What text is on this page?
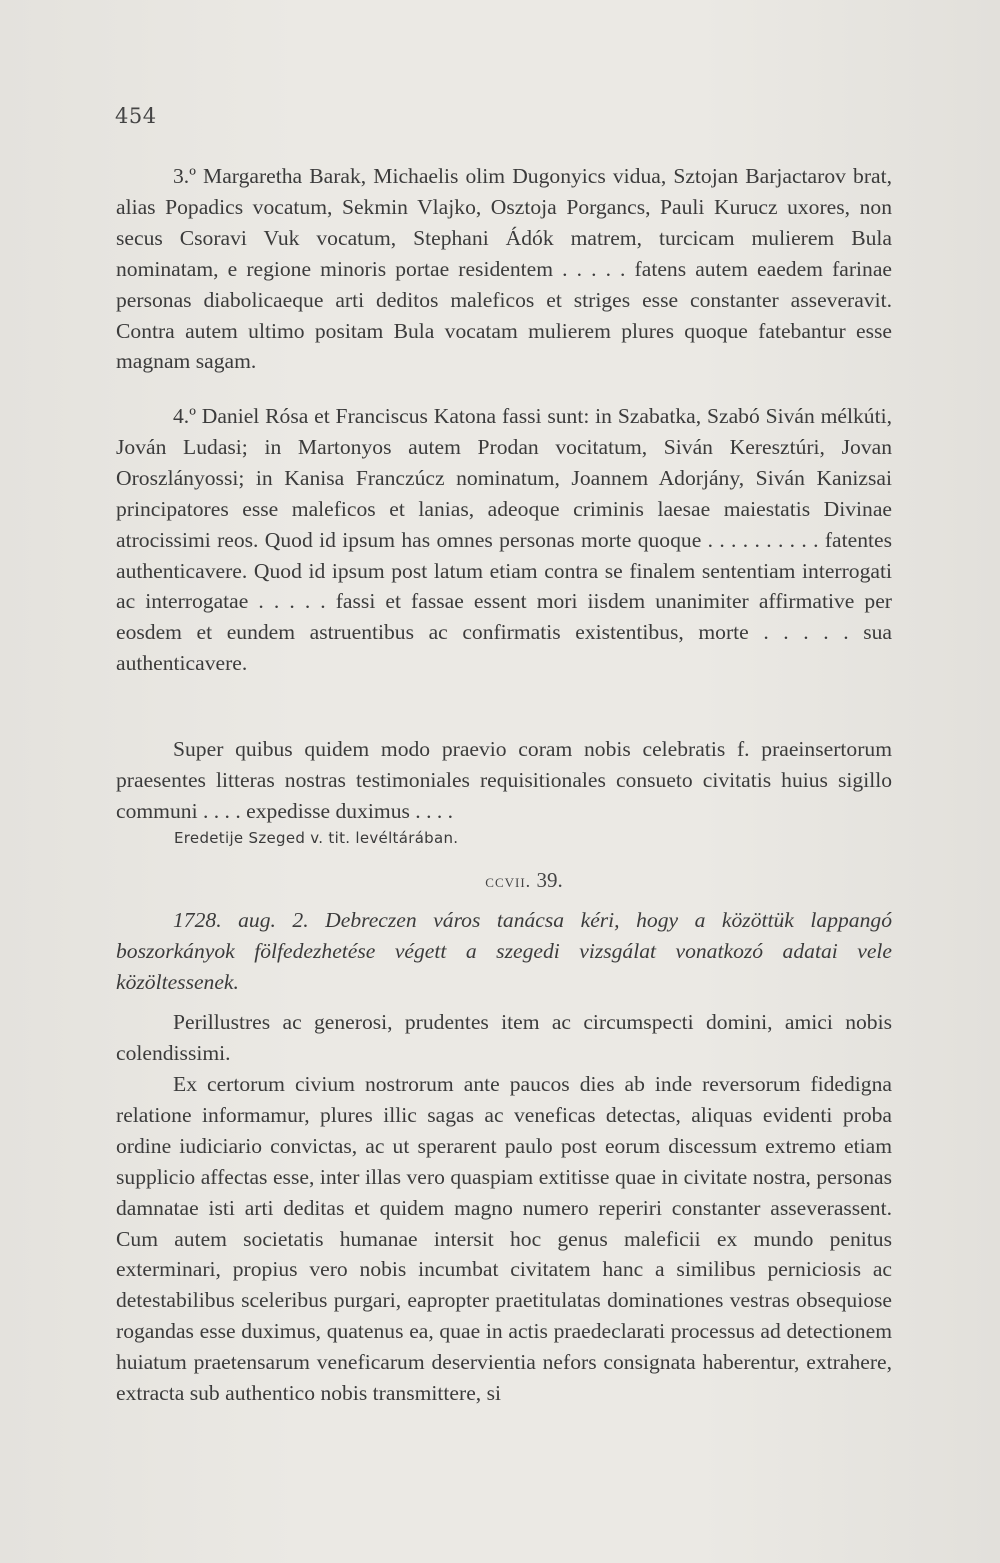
454

3.º Margaretha Barak, Michaelis olim Dugonyics vidua, Sztojan Barjactarov brat, alias Popadics vocatum, Sekmin Vlajko, Osztoja Porgancs, Pauli Kurucz uxores, non secus Csoravi Vuk vocatum, Stephani Ádók matrem, turcicam mulierem Bula nominatam, e regione minoris portae residentem . . . . . fatens autem eaedem farinae personas diabolicaeque arti deditos maleficos et striges esse constanter asseveravit. Contra autem ultimo positam Bula vocatam mulierem plures quoque fatebantur esse magnam sagam.

4.º Daniel Rósa et Franciscus Katona fassi sunt: in Szabatka, Szabó Siván mélkúti, Jován Ludasi; in Martonyos autem Prodan vocitatum, Siván Keresztúri, Jovan Oroszlányossi; in Kanisa Franczúcz nominatum, Joannem Adorjány, Siván Kanizsai principatores esse maleficos et lanias, adeoque criminis laesae maiestatis Divinae atrocissimi reos. Quod id ipsum has omnes personas morte quoque . . . . . . . . . . fatentes authenticavere. Quod id ipsum post latum etiam contra se finalem sententiam interrogati ac interrogatae . . . . . fassi et fassae essent mori iisdem unanimiter affirmative per eosdem et eundem astruentibus ac confirmatis existentibus, morte . . . . . sua authenticavere.

Super quibus quidem modo praevio coram nobis celebratis f. praeinsertorum praesentes litteras nostras testimoniales requisitionales consueto civitatis huius sigillo communi . . . . expedisse duximus . . . .

Eredetije Szeged v. tit. levéltárában.
ccvii. 39.

1728. aug. 2. Debreczen város tanácsa kéri, hogy a közöttük lappangó boszorkányok fölfedezhetése végett a szegedi vizsgálat vonatkozó adatai vele közöltessenek.

Perillustres ac generosi, prudentes item ac circumspecti domini, amici nobis colendissimi.

Ex certorum civium nostrorum ante paucos dies ab inde reversorum fidedigna relatione informamur, plures illic sagas ac veneficas detectas, aliquas evidenti proba ordine iudiciario convictas, ac ut sperarent paulo post eorum discessum extremo etiam supplicio affectas esse, inter illas vero quaspiam extitisse quae in civitate nostra, personas damnatae isti arti deditas et quidem magno numero reperiri constanter asseverassent. Cum autem societatis humanae intersit hoc genus maleficii ex mundo penitus exterminari, propius vero nobis incumbat civitatem hanc a similibus perniciosis ac detestabilibus sceleribus purgari, eapropter praetitulatas dominationes vestras obsequiose rogandas esse duximus, quatenus ea, quae in actis praedeclarati processus ad detectionem huiatum praetensarum veneficarum deservientia nefors consignata haberentur, extrahere, extracta sub authentico nobis transmittere, si
